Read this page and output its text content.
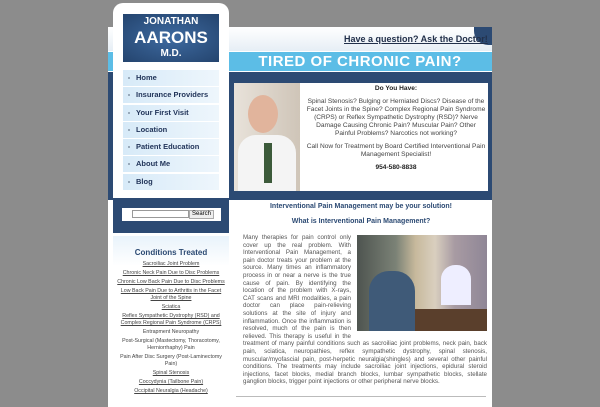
Have a question? Ask the Doctor!

Do You Have:

Spinal Stenosis? Bulging or Herniated Discs? Disease of the Facet Joints in the Spine? Complex Regional Pain Syndrome (CRPS) or Reflex Sympathetic Dystrophy (RSD)? Nerve Damage Causing Chronic Pain? Muscular Pain? Other Painful Problems? Narcotics not working?

Call Now for Treatment by Board Certified Interventional Pain Management Specialist!

954-580-8838

JONATHAN
AARONS
M.D.
Home
Insurance Providers
Your First Visit
Location
Patient Education
About Me
Blog
Search
Conditions Treated
Sacroiliac Joint Problem
Chronic Neck Pain Due to Disc Problems
Chronic Low Back Pain Due to Disc Problems
Low Back Pain Due to Arthritis in the Facet Joint of the Spine
Sciatica
Reflex Sympathetic Dystrophy (RSD) and Complex Regional Pain Syndrome (CRPS)
Entrapment Neuropathy
Post-Surgical (Mastectomy, Thoracotomy, Herniorrhaphy) Pain
Pain After Disc Surgery (Post-Laminectomy Pain)
Spinal Stenosis
Coccydynia (Tailbone Pain)
Occipital Neuralgia (Headache)
Interventional Pain Management may be your solution!
What is Interventional Pain Management?
Many therapies for pain control only cover up the real problem. With Interventional Pain Management, a pain doctor treats your problem at the source. Many times an inflammatory process in or near a nerve is the true cause of pain. By identifying the location of the problem with X-rays, CAT scans and MRI modalities, a pain doctor can place pain-relieving solutions at the site of injury and inflammation. Once the inflammation is resolved, much of the pain is then relieved. This therapy is useful in the treatment of many painful conditions such as sacroiliac joint problems, neck pain, back pain, sciatica, neuropathies, reflex sympathetic dystrophy, spinal stenosis, muscular/myofascial pain, post-herpetic neuralgia(shingles) and several other painful conditions. The treatments may include sacroiliac joint injections, epidural steroid injections, facet blocks, medial branch blocks, lumbar sympathetic blocks, stellate ganglion blocks, trigger point injections or other peripheral nerve blocks.
TIRED OF CHRONIC PAIN?
